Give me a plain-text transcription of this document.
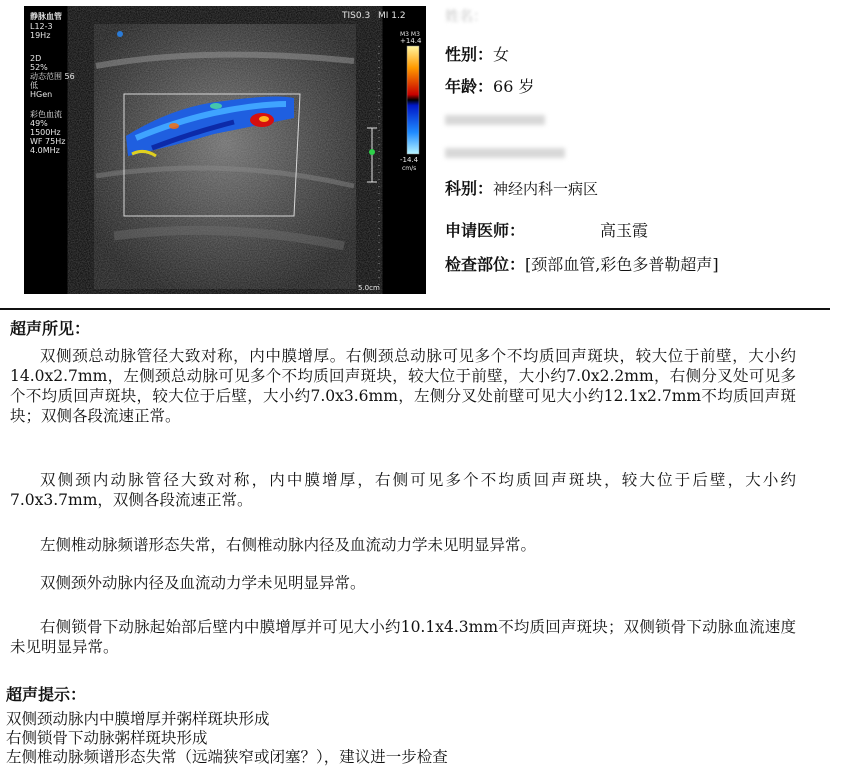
静脉血管
L12-3
19Hz
2D
52%
动态范围 56
低
HGen
彩色血流
49%
1500Hz
WF 75Hz
4.0MHz
TIS0.3 MI 1.2
M3 M3
+14.4
-14.4
cm/s
5.0cm
姓名：
性别：女
年龄：66 岁
科别：神经内科一病区
申请医师：	高玉霞
检查部位：[颈部血管,彩色多普勒超声]
超声所见：

双侧颈总动脉管径大致对称，内中膜增厚。右侧颈总动脉可见多个不均质回声斑块，较大位于前壁，大小约14.0x2.7mm，左侧颈总动脉可见多个不均质回声斑块，较大位于前壁，大小约7.0x2.2mm，右侧分叉处可见多个不均质回声斑块，较大位于后壁，大小约7.0x3.6mm，左侧分叉处前壁可见大小约12.1x2.7mm不均质回声斑块；双侧各段流速正常。

双侧颈内动脉管径大致对称，内中膜增厚，右侧可见多个不均质回声斑块，较大位于后壁，大小约7.0x3.7mm，双侧各段流速正常。

左侧椎动脉频谱形态失常，右侧椎动脉内径及血流动力学未见明显异常。

双侧颈外动脉内径及血流动力学未见明显异常。

右侧锁骨下动脉起始部后壁内中膜增厚并可见大小约10.1x4.3mm不均质回声斑块；双侧锁骨下动脉血流速度未见明显异常。

超声提示：
双侧颈动脉内中膜增厚并粥样斑块形成
右侧锁骨下动脉粥样斑块形成
左侧椎动脉频谱形态失常（远端狭窄或闭塞？），建议进一步检查
